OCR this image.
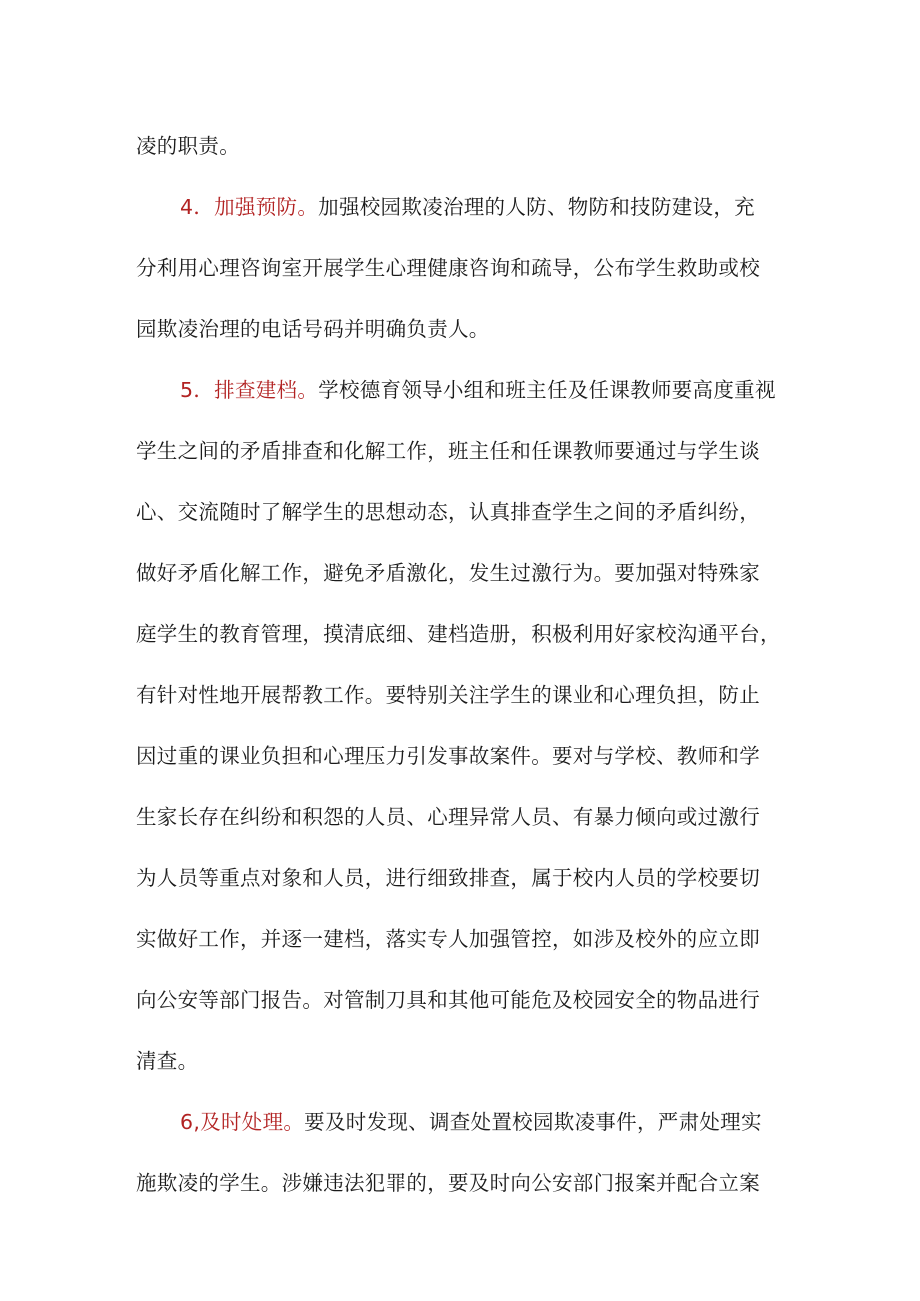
凌的职责。
4．加强预防。加强校园欺凌治理的人防、物防和技防建设，充
分利用心理咨询室开展学生心理健康咨询和疏导，公布学生救助或校
园欺凌治理的电话号码并明确负责人。
5．排查建档。学校德育领导小组和班主任及任课教师要高度重视
学生之间的矛盾排查和化解工作，班主任和任课教师要通过与学生谈
心、交流随时了解学生的思想动态，认真排查学生之间的矛盾纠纷，
做好矛盾化解工作，避免矛盾激化，发生过激行为。要加强对特殊家
庭学生的教育管理，摸清底细、建档造册，积极利用好家校沟通平台，
有针对性地开展帮教工作。要特别关注学生的课业和心理负担，防止
因过重的课业负担和心理压力引发事故案件。要对与学校、教师和学
生家长存在纠纷和积怨的人员、心理异常人员、有暴力倾向或过激行
为人员等重点对象和人员，进行细致排查，属于校内人员的学校要切
实做好工作，并逐一建档，落实专人加强管控，如涉及校外的应立即
向公安等部门报告。对管制刀具和其他可能危及校园安全的物品进行
清查。
6,及时处理。要及时发现、调查处置校园欺凌事件，严肃处理实
施欺凌的学生。涉嫌违法犯罪的，要及时向公安部门报案并配合立案
